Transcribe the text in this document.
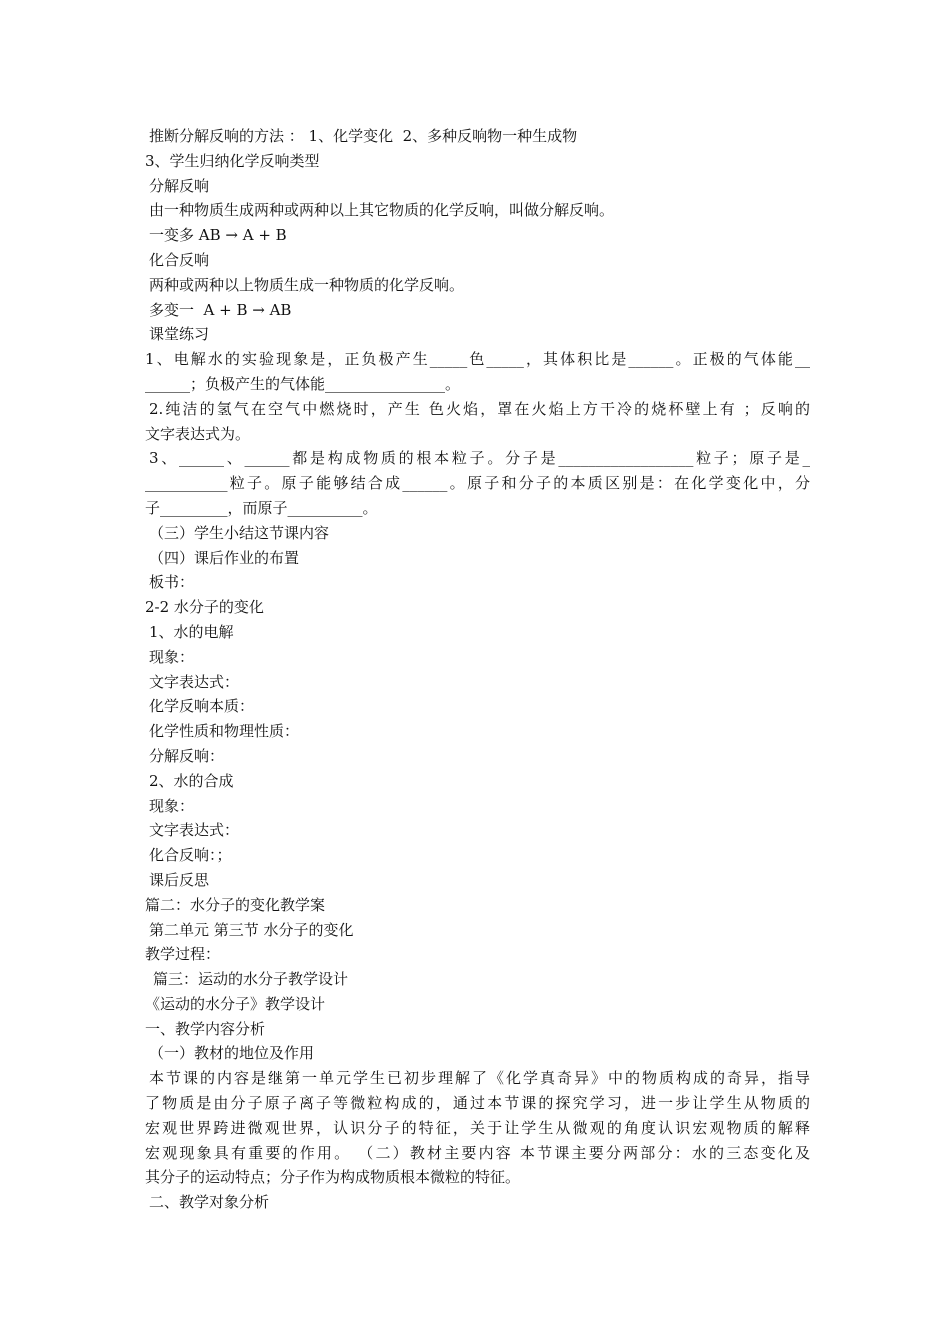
推断分解反响的方法 ： 1、化学变化  2、多种反响物一种生成物
3、学生归纳化学反响类型
分解反响
由一种物质生成两种或两种以上其它物质的化学反响，叫做分解反响。
一变多 AB → A + B
化合反响
两种或两种以上物质生成一种物质的化学反响。
多变一  A + B → AB
课堂练习
1、电解水的实验现象是，正负极产生_____色_____，其体积比是______。正极的气体能__
______；负极产生的气体能________________。
2.纯洁的氢气在空气中燃烧时，产生 色火焰，罩在火焰上方干冷的烧杯壁上有 ；反响的
文字表达式为。
3、______、______都是构成物质的根本粒子。分子是__________________粒子；原子是_
___________粒子。原子能够结合成______。原子和分子的本质区别是：在化学变化中，分
子_________，而原子__________。
（三）学生小结这节课内容
（四）课后作业的布置
板书：
2-2 水分子的变化
1、水的电解
现象：
文字表达式：
化学反响本质：
化学性质和物理性质：
分解反响：
2、水的合成
现象：
文字表达式：
化合反响：；
课后反思
篇二：水分子的变化教学案
第二单元 第三节 水分子的变化
教学过程：
篇三：运动的水分子教学设计
《运动的水分子》教学设计
一、教学内容分析
（一）教材的地位及作用
本节课的内容是继第一单元学生已初步理解了《化学真奇异》中的物质构成的奇异，指导
了物质是由分子原子离子等微粒构成的，通过本节课的探究学习，进一步让学生从物质的
宏观世界跨进微观世界，认识分子的特征，关于让学生从微观的角度认识宏观物质的解释
宏观现象具有重要的作用。 （二）教材主要内容 本节课主要分两部分：水的三态变化及
其分子的运动特点；分子作为构成物质根本微粒的特征。
二、教学对象分析
